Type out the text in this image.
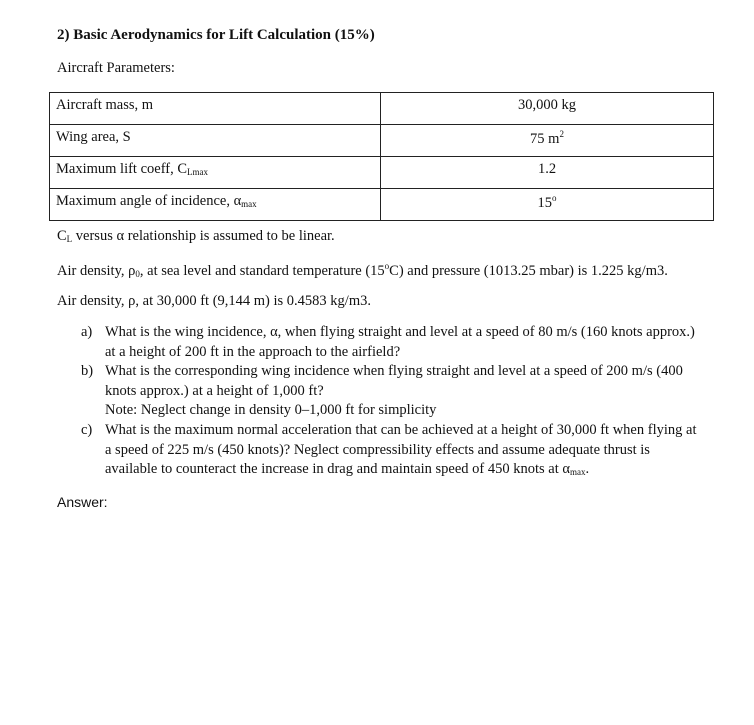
2) Basic Aerodynamics for Lift Calculation (15%)
Aircraft Parameters:
Aircraft mass, m	30,000 kg
Wing area, S	75 $m^2$
Maximum lift coeff, $C_{Lmax}$	1.2
Maximum angle of incidence, $\alpha_{max}$	15$^o$
$C_L$ versus α relationship is assumed to be linear.
Air density, $\rho_0$, at sea level and standard temperature (15$^o$C) and pressure (1013.25 mbar) is 1.225 kg/m3.
Air density, ρ, at 30,000 ft (9,144 m) is 0.4583 kg/m3.
a) What is the wing incidence, α, when flying straight and level at a speed of 80 m/s (160 knots approx.)
at a height of 200 ft in the approach to the airfield?
b) What is the corresponding wing incidence when flying straight and level at a speed of 200 m/s (400
knots approx.) at a height of 1,000 ft?
Note: Neglect change in density 0–1,000 ft for simplicity
c) What is the maximum normal acceleration that can be achieved at a height of 30,000 ft when flying at
a speed of 225 m/s (450 knots)? Neglect compressibility effects and assume adequate thrust is
available to counteract the increase in drag and maintain speed of 450 knots at $\alpha_{max}$.
Answer:
